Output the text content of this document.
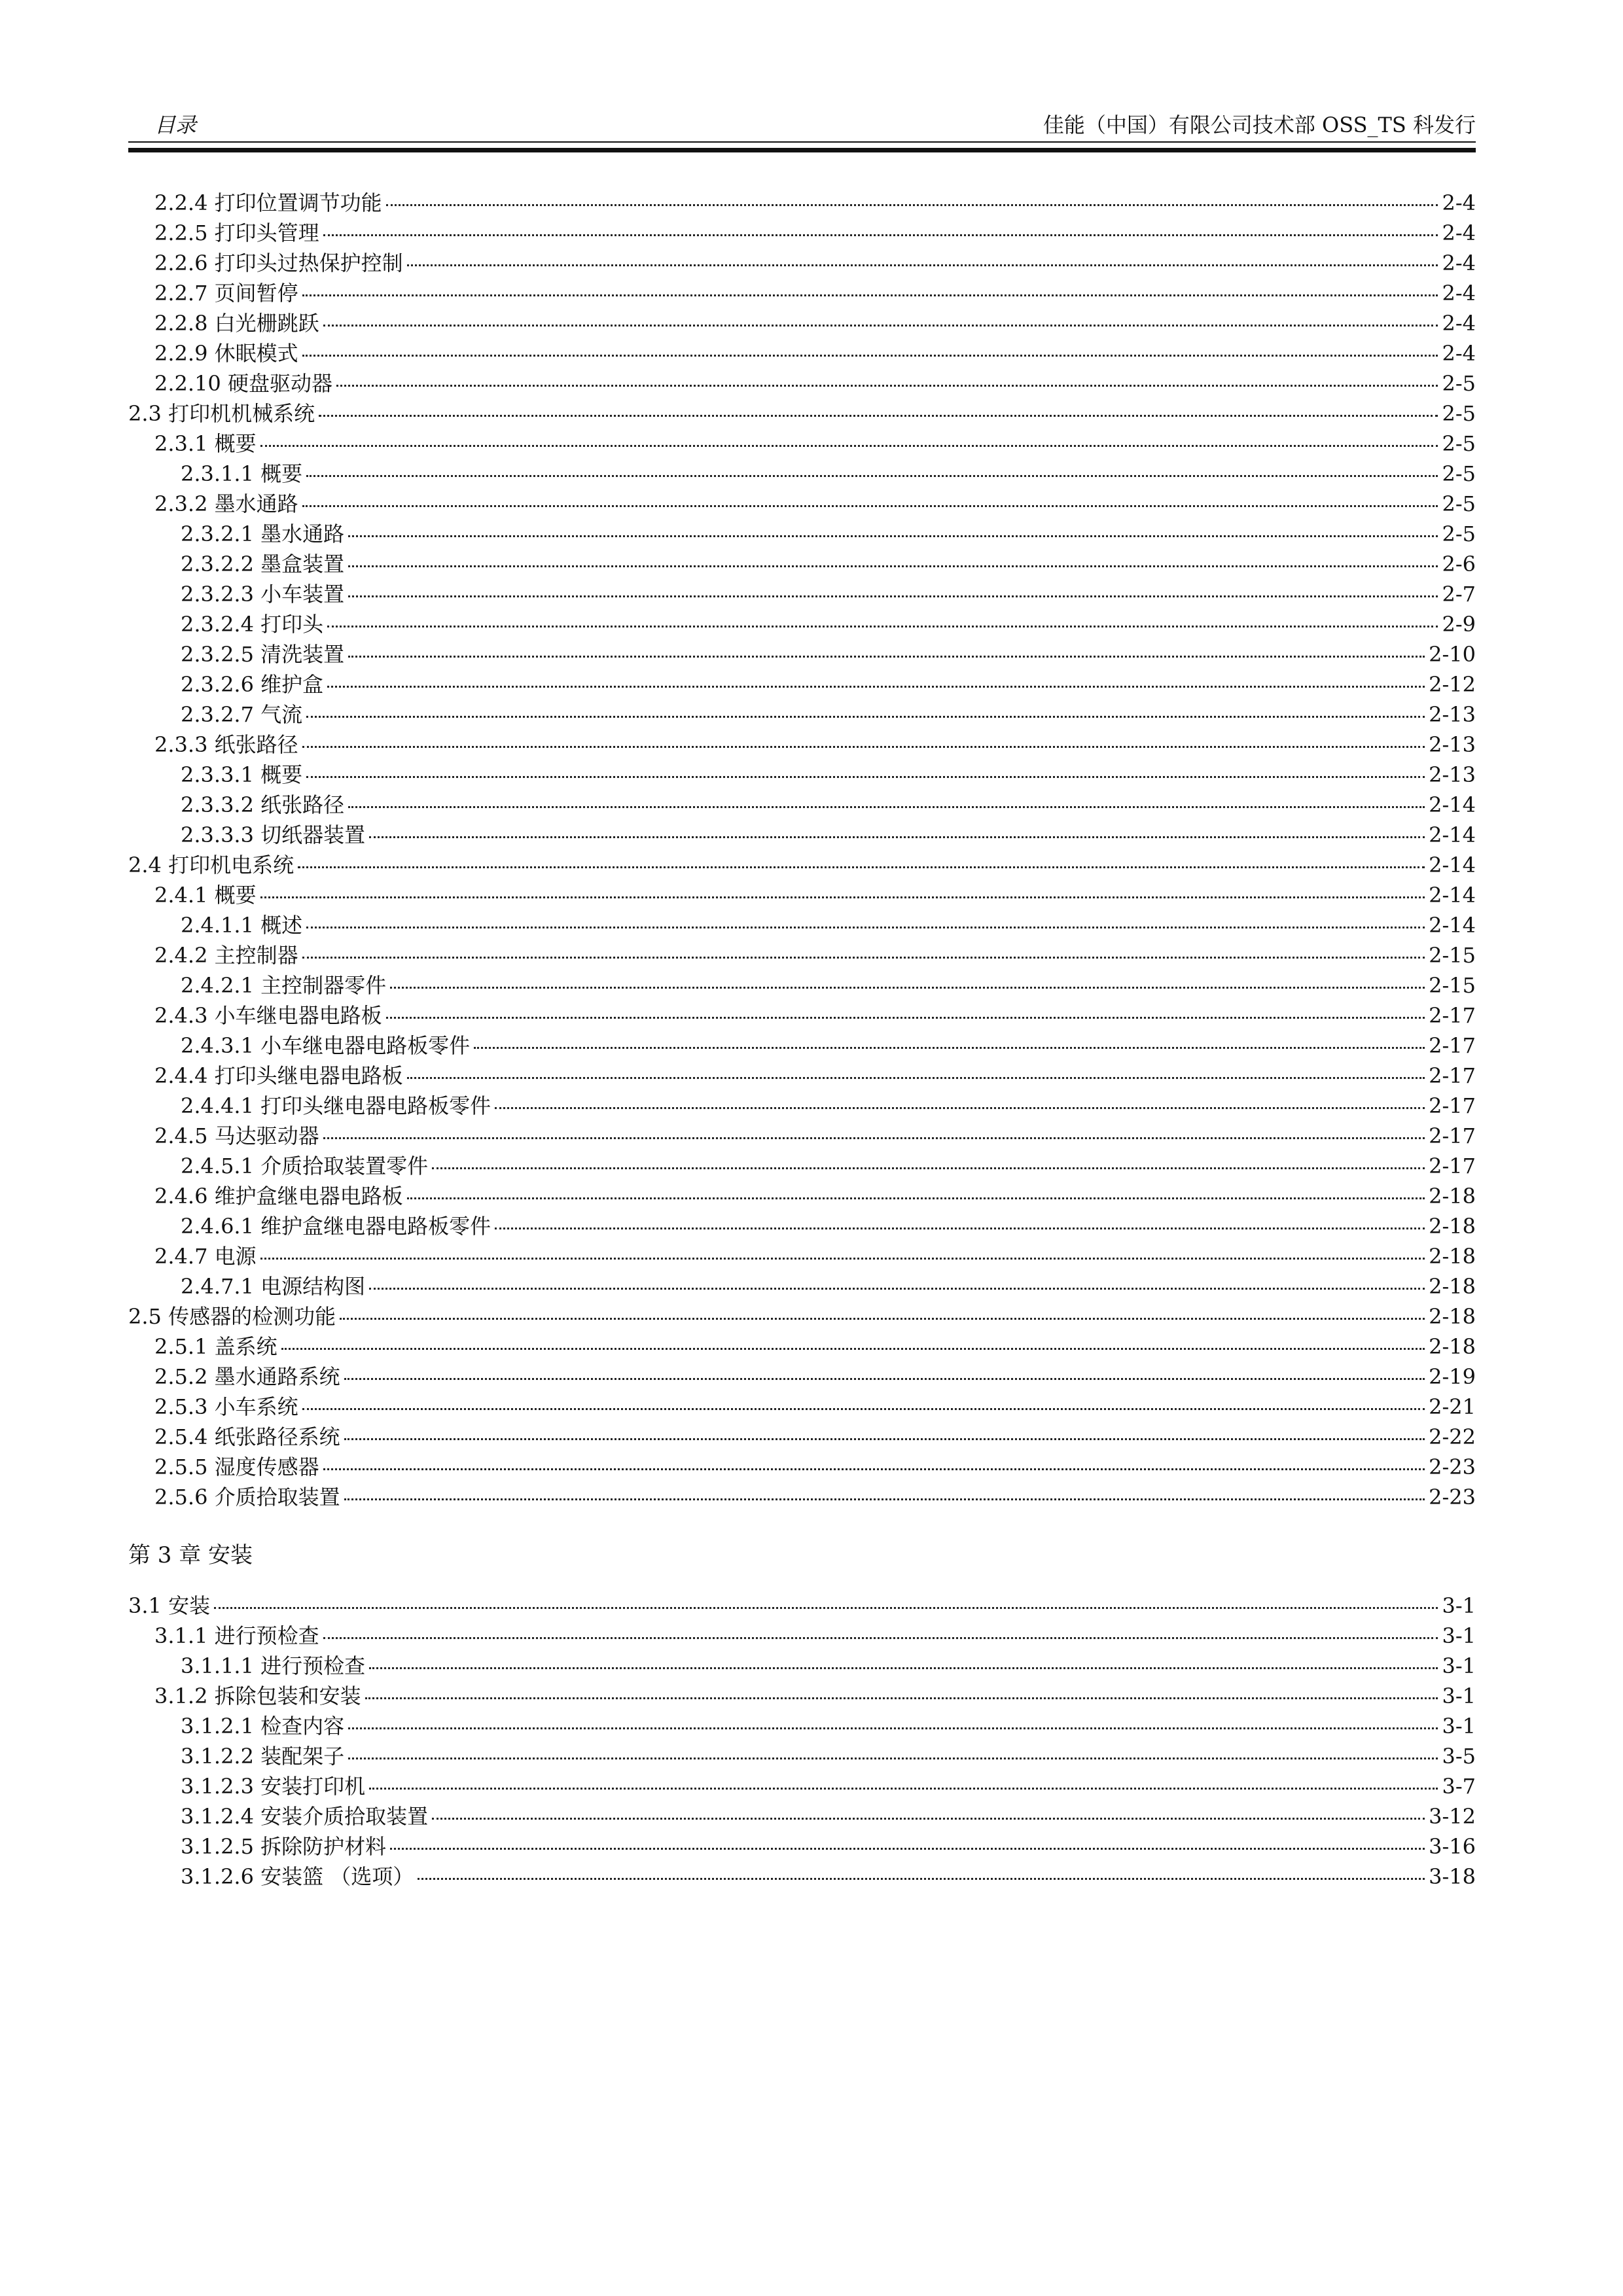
目录	佳能（中国）有限公司技术部 OSS_TS 科发行
2.2.4 打印位置调节功能	2-4
2.2.5 打印头管理	2-4
2.2.6 打印头过热保护控制	2-4
2.2.7 页间暂停	2-4
2.2.8 白光栅跳跃	2-4
2.2.9 休眠模式	2-4
2.2.10 硬盘驱动器	2-5
2.3 打印机机械系统	2-5
2.3.1 概要	2-5
2.3.1.1 概要	2-5
2.3.2 墨水通路	2-5
2.3.2.1 墨水通路	2-5
2.3.2.2 墨盒装置	2-6
2.3.2.3 小车装置	2-7
2.3.2.4 打印头	2-9
2.3.2.5 清洗装置	2-10
2.3.2.6 维护盒	2-12
2.3.2.7 气流	2-13
2.3.3 纸张路径	2-13
2.3.3.1 概要	2-13
2.3.3.2 纸张路径	2-14
2.3.3.3 切纸器装置	2-14
2.4 打印机电系统	2-14
2.4.1 概要	2-14
2.4.1.1 概述	2-14
2.4.2 主控制器	2-15
2.4.2.1 主控制器零件	2-15
2.4.3 小车继电器电路板	2-17
2.4.3.1 小车继电器电路板零件	2-17
2.4.4 打印头继电器电路板	2-17
2.4.4.1 打印头继电器电路板零件	2-17
2.4.5 马达驱动器	2-17
2.4.5.1 介质拾取装置零件	2-17
2.4.6 维护盒继电器电路板	2-18
2.4.6.1 维护盒继电器电路板零件	2-18
2.4.7 电源	2-18
2.4.7.1 电源结构图	2-18
2.5 传感器的检测功能	2-18
2.5.1 盖系统	2-18
2.5.2 墨水通路系统	2-19
2.5.3 小车系统	2-21
2.5.4 纸张路径系统	2-22
2.5.5 湿度传感器	2-23
2.5.6 介质拾取装置	2-23
第 3 章 安装
3.1 安装	3-1
3.1.1 进行预检查	3-1
3.1.1.1 进行预检查	3-1
3.1.2 拆除包装和安装	3-1
3.1.2.1 检查内容	3-1
3.1.2.2 装配架子	3-5
3.1.2.3 安装打印机	3-7
3.1.2.4 安装介质拾取装置	3-12
3.1.2.5 拆除防护材料	3-16
3.1.2.6 安装篮 （选项）	3-18
